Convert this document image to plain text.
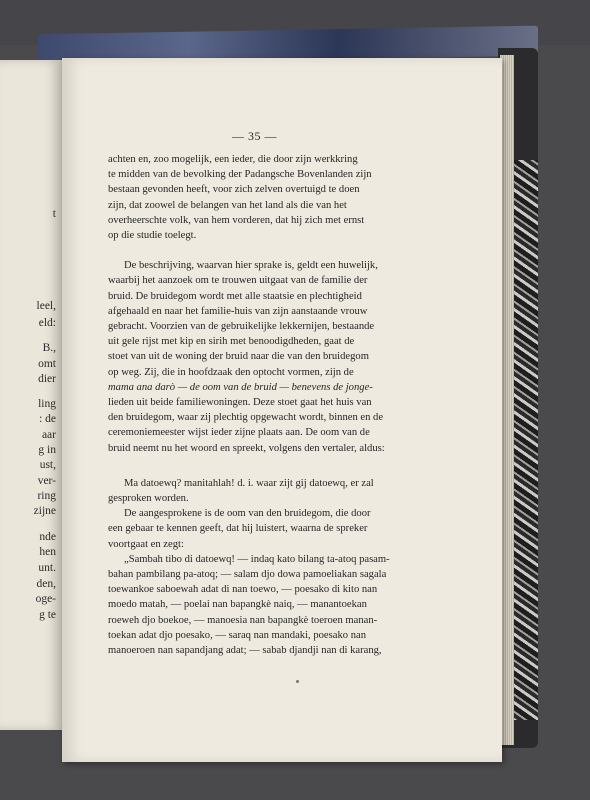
t
leel,
eld:
B.,
omt
dier
ling
: de
aar
g in
ust,
ver-
ring
zijne
nde
hen
unt.
den,
oge-
g te
— 35 —

achten en, zoo mogelijk, een ieder, die door zijn werkkring
te midden van de bevolking der Padangsche Bovenlanden zijn
bestaan gevonden heeft, voor zich zelven overtuigd te doen
zijn, dat zoowel de belangen van het land als die van het
overheerschte volk, van hem vorderen, dat hij zich met ernst
op die studie toelegt.

De beschrijving, waarvan hier sprake is, geldt een huwelijk,
waarbij het aanzoek om te trouwen uitgaat van de familie der
bruid. De bruidegom wordt met alle staatsie en plechtigheid
afgehaald en naar het familie-huis van zijn aanstaande vrouw
gebracht. Voorzien van de gebruikelijke lekkernijen, bestaande
uit gele rijst met kip en sirih met benoodigdheden, gaat de
stoet van uit de woning der bruid naar die van den bruidegom
op weg. Zij, die in hoofdzaak den optocht vormen, zijn de
mama ana darò — de oom van de bruid — benevens de jonge-
lieden uit beide familiewoningen. Deze stoet gaat het huis van
den bruidegom, waar zij plechtig opgewacht wordt, binnen en de
ceremoniemeester wijst ieder zijne plaats aan. De oom van de
bruid neemt nu het woord en spreekt, volgens den vertaler, aldus:

Ma datoewq? manitahlah! d. i. waar zijt gij datoewq, er zal
gesproken worden.

De aangesprokene is de oom van den bruidegom, die door
een gebaar te kennen geeft, dat hij luistert, waarna de spreker
voortgaat en zegt:

„Sambah tibo di datoewq! — indaq kato bilang ta-atoq pasam-
bahan pambilang pa-atoq; — salam djo dowa pamoeliakan sagala
toewankoe saboewah adat di nan toewo, — poesako di kito nan
moedo matah, — poelai nan bapangkè naiq, — manantoekan
roeweh djo boekoe, — manoesia nan bapangkè toeroen manan-
toekan adat djo poesako, — saraq nan mandaki, poesako nan
manoeroen nan sapandjang adat; — sabab djandji nan di karang,
